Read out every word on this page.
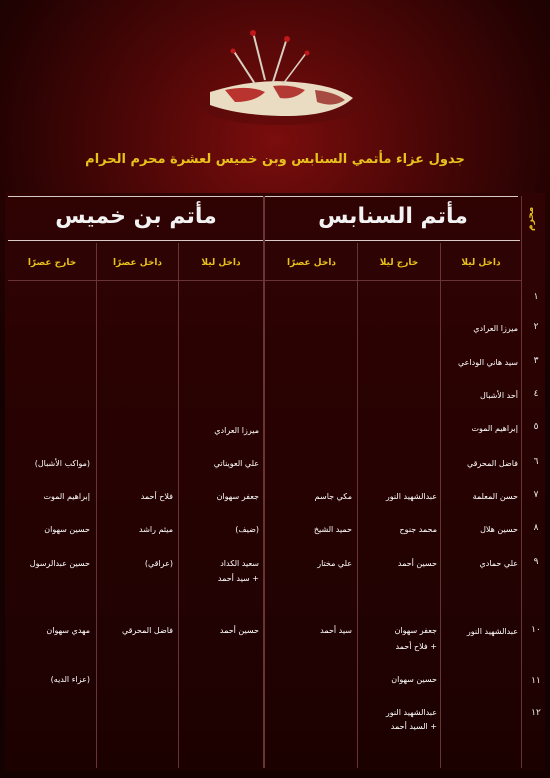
جدول عزاء مأتمي السنابس وبن خميس لعشرة محرم الحرام
مأتم السنابس
مأتم بن خميس	محرم
داخل ليلا
خارج ليلا
داخل عصرًا
داخل ليلا
داخل عصرًا
خارج عصرًا
١
٢
٣
٤
٥
٦
٧
٨
٩
١٠
١١
١٢
ميرزا العرادي
سيد هاني الوداعي
أحد الأشبال
إبراهيم الموت
فاضل المحرقي
حسن المعلمة
حسين هلال
علي حمادي
عبدالشهيد النور
عبدالشهيد النور
محمد جنوح
حسين أحمد
جعفر سهوان
+ فلاح أحمد
حسين سهوان
عبدالشهيد النور
+ السيد أحمد
مكي جاسم
حميد الشيخ
علي مختار
سيد أحمد
ميرزا العرادي
علي العويناتي
جعفر سهوان
(ضيف)
سعيد الكداد
+ سيد أحمد
حسين أحمد
فلاح أحمد
ميثم راشد
(عراقي)
فاضل المحرقي
(مواكب الأشبال)
إبراهيم الموت
حسين سهوان
حسين عبدالرسول
مهدي سهوان
(عزاء الديه)
